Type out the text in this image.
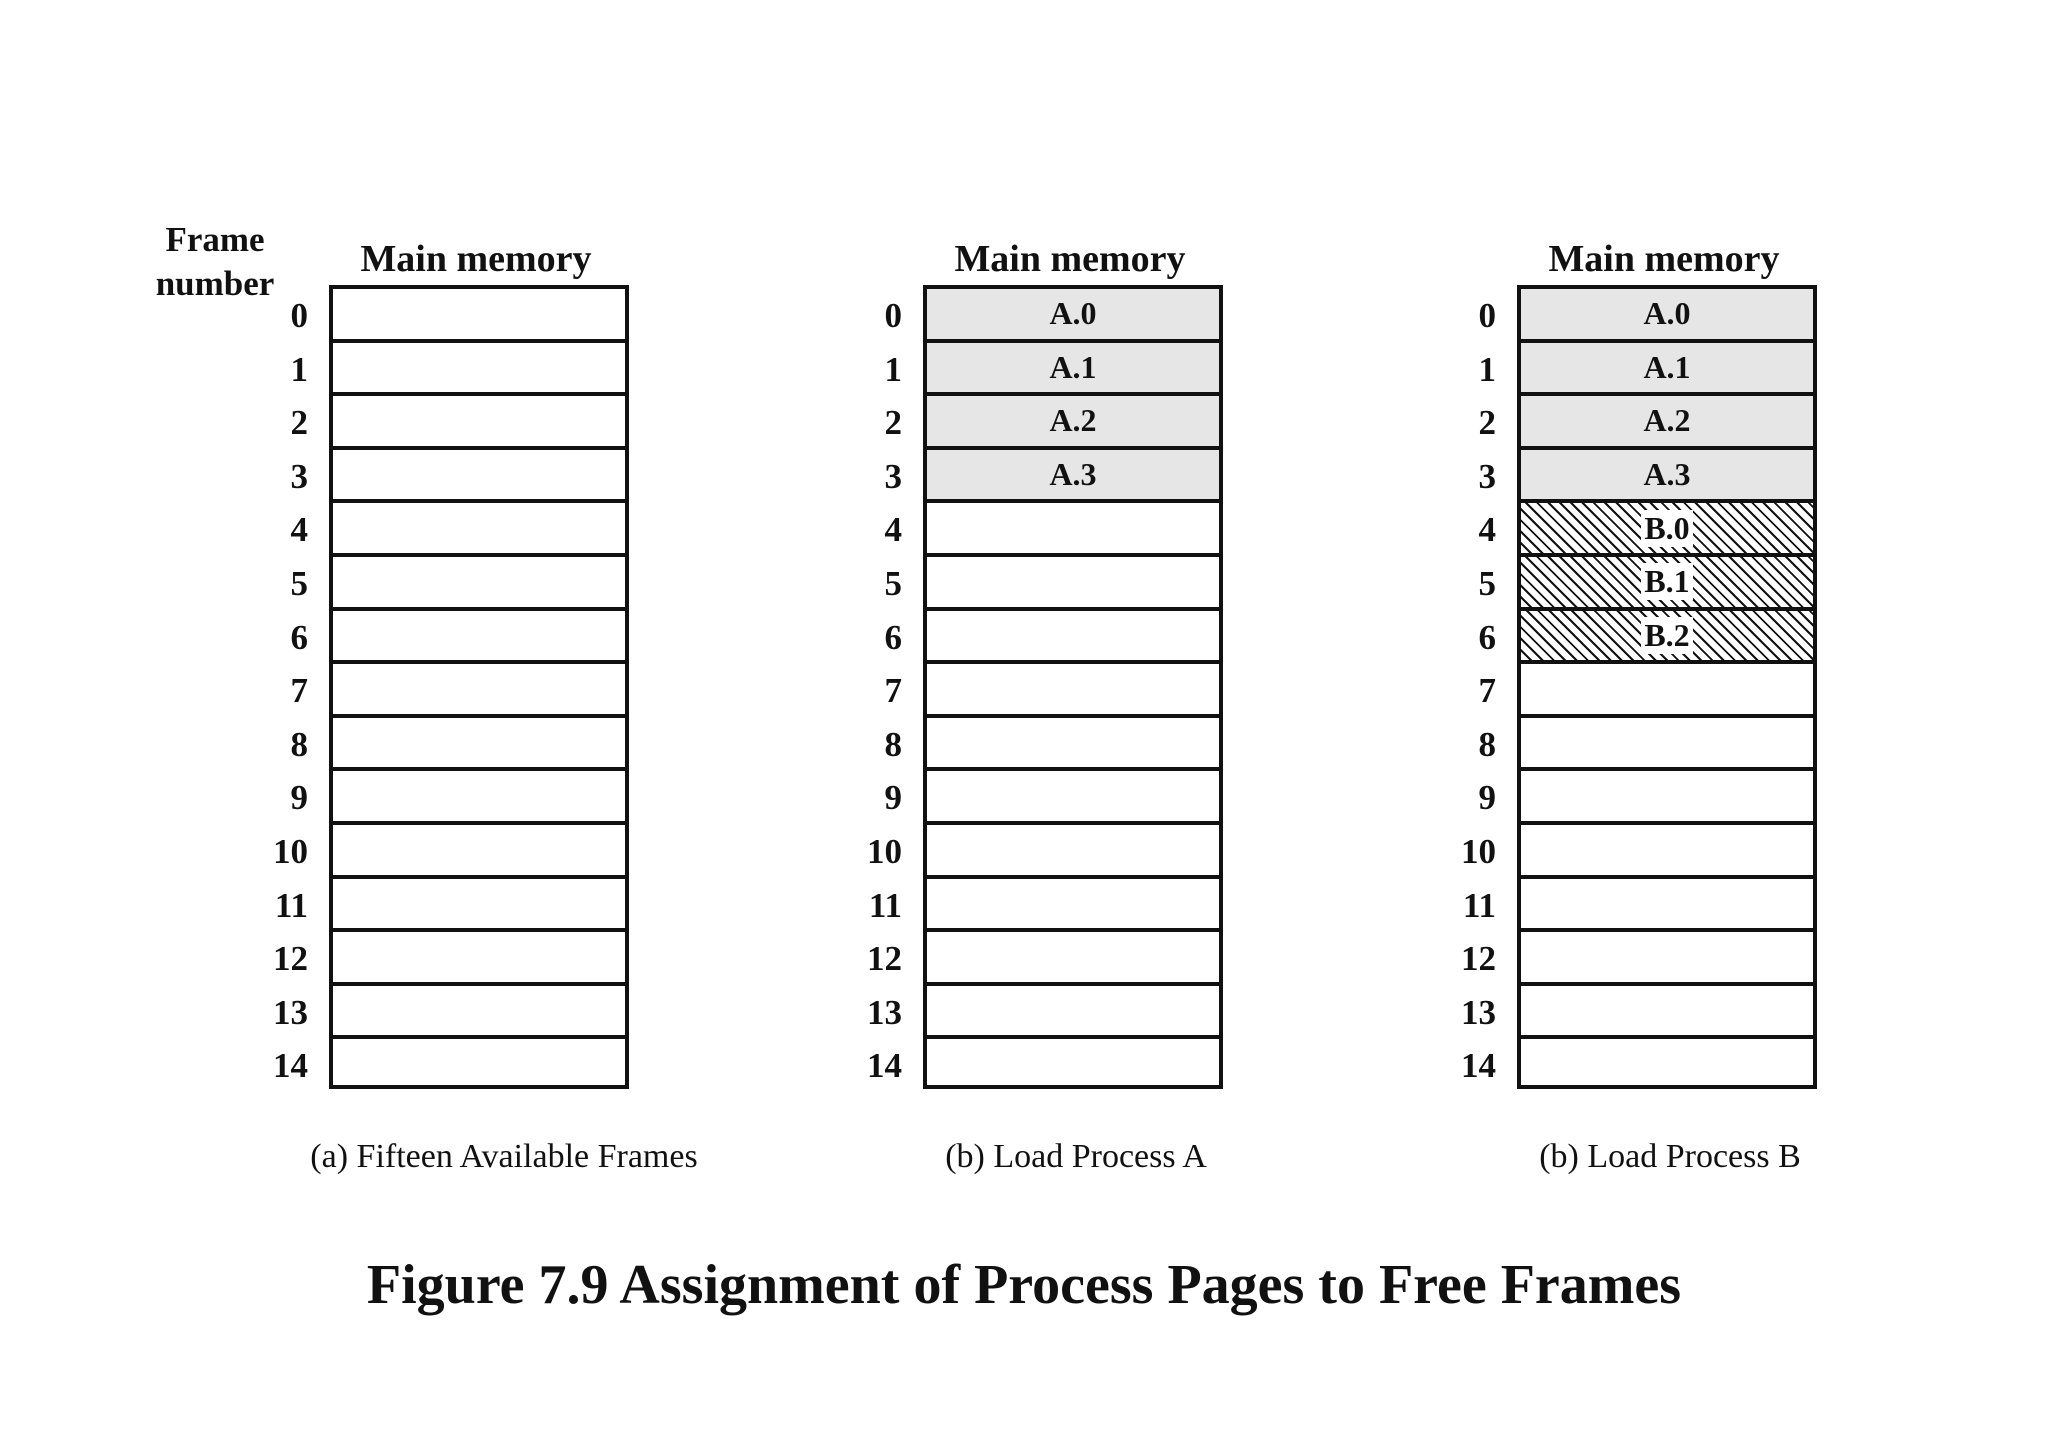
Frame
number
Main memory
0
1
2
3
4
5
6
7
8
9
10
11
12
13
14
(a) Fifteen Available Frames
Main memory
0
1
2
3
4
5
6
7
8
9
10
11
12
13
14
A.0
A.1
A.2
A.3
(b) Load Process A
Main memory
0
1
2
3
4
5
6
7
8
9
10
11
12
13
14
A.0
A.1
A.2
A.3
B.0
B.1
B.2
(b) Load Process B
Figure 7.9 Assignment of Process Pages to Free Frames
